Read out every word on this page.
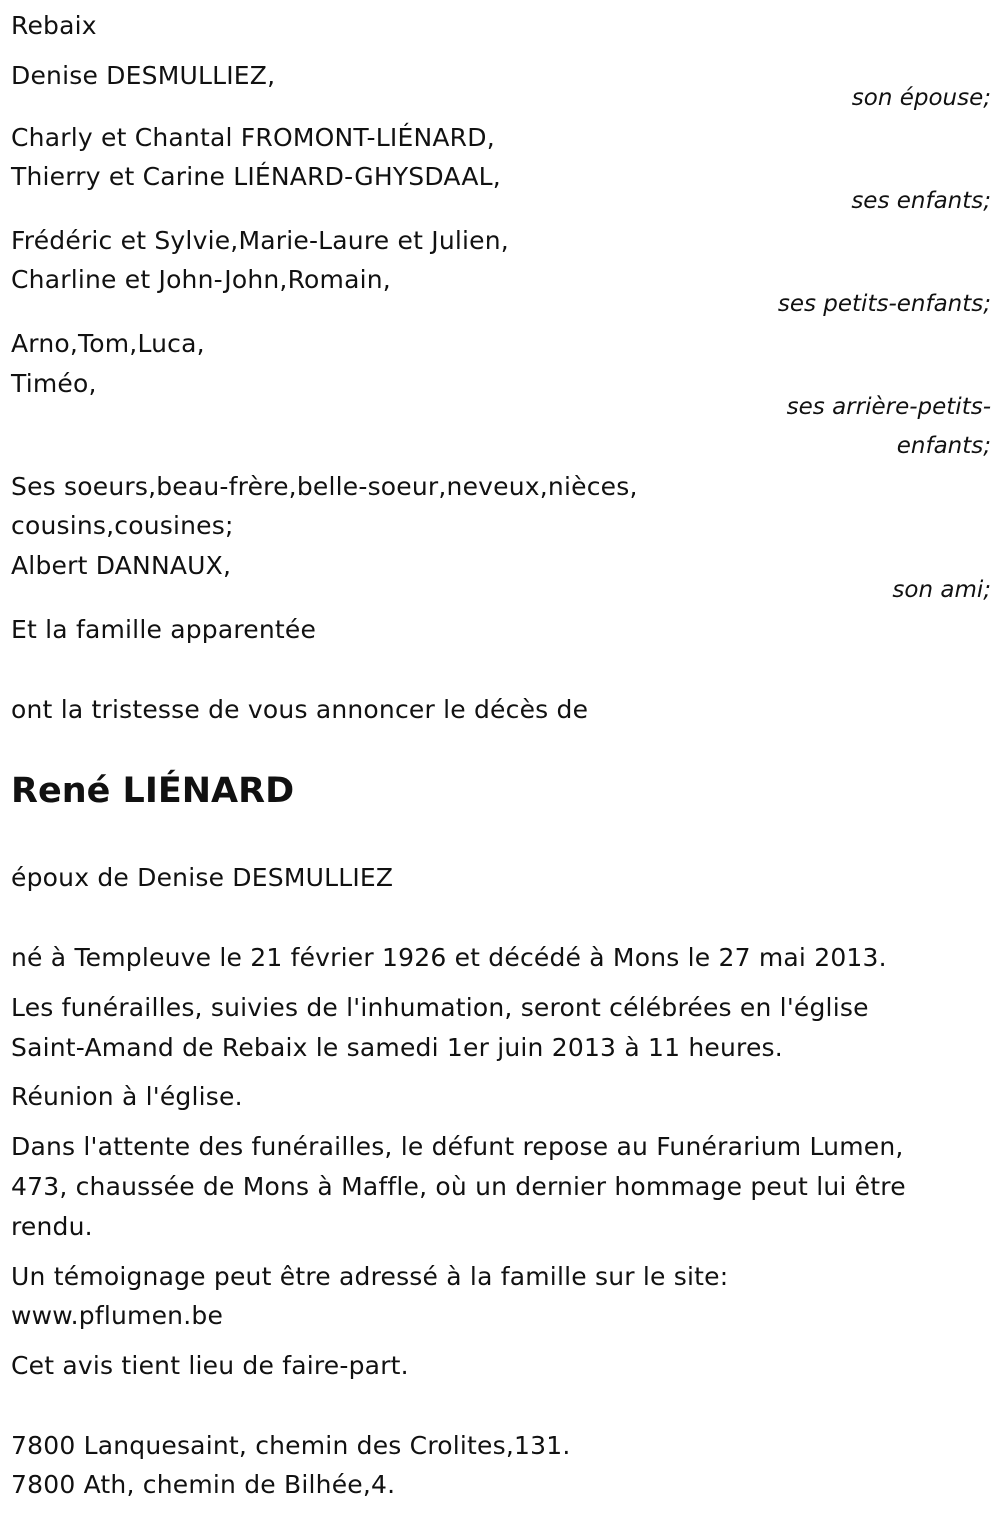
Rebaix
Denise DESMULLIEZ,
son épouse;
Charly et Chantal FROMONT-LIÉNARD,
Thierry et Carine LIÉNARD-GHYSDAAL,
ses enfants;
Frédéric et Sylvie,Marie-Laure et Julien,
Charline et John-John,Romain,
ses petits-enfants;
Arno,Tom,Luca,
Timéo,
ses arrière-petits-
enfants;
Ses soeurs,beau-frère,belle-soeur,neveux,nièces,
cousins,cousines;
Albert DANNAUX,
son ami;
Et la famille apparentée
ont la tristesse de vous annoncer le décès de
René LIÉNARD
époux de Denise DESMULLIEZ
né à Templeuve le 21 février 1926 et décédé à Mons le 27 mai 2013.
Les funérailles, suivies de l'inhumation, seront célébrées en l'église
Saint-Amand de Rebaix le samedi 1er juin 2013 à 11 heures.
Réunion à l'église.
Dans l'attente des funérailles, le défunt repose au Funérarium Lumen,
473, chaussée de Mons à Maffle, où un dernier hommage peut lui être
rendu.
Un témoignage peut être adressé à la famille sur le site:
www.pflumen.be
Cet avis tient lieu de faire-part.
7800 Lanquesaint, chemin des Crolites,131.
7800 Ath, chemin de Bilhée,4.
